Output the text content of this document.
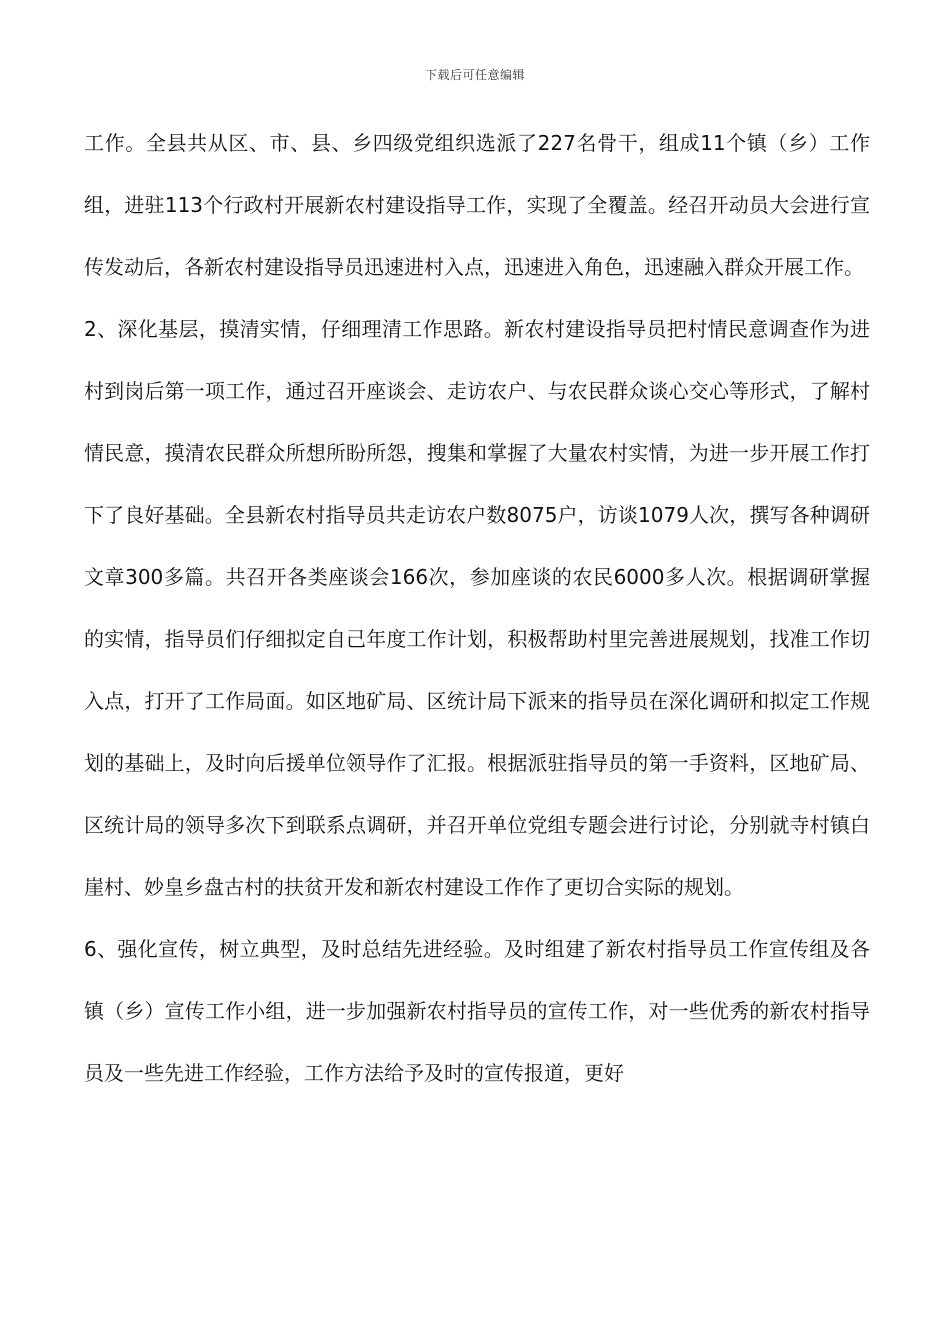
下载后可任意编辑

工作。全县共从区、市、县、乡四级党组织选派了227名骨干，组成11个镇（乡）工作组，进驻113个行政村开展新农村建设指导工作，实现了全覆盖。经召开动员大会进行宣传发动后，各新农村建设指导员迅速进村入点，迅速进入角色，迅速融入群众开展工作。

2、深化基层，摸清实情，仔细理清工作思路。新农村建设指导员把村情民意调查作为进村到岗后第一项工作，通过召开座谈会、走访农户、与农民群众谈心交心等形式，了解村情民意，摸清农民群众所想所盼所怨，搜集和掌握了大量农村实情，为进一步开展工作打下了良好基础。全县新农村指导员共走访农户数8075户，访谈1079人次，撰写各种调研文章300多篇。共召开各类座谈会166次，参加座谈的农民6000多人次。根据调研掌握的实情，指导员们仔细拟定自己年度工作计划，积极帮助村里完善进展规划，找准工作切入点，打开了工作局面。如区地矿局、区统计局下派来的指导员在深化调研和拟定工作规划的基础上，及时向后援单位领导作了汇报。根据派驻指导员的第一手资料，区地矿局、区统计局的领导多次下到联系点调研，并召开单位党组专题会进行讨论，分别就寺村镇白崖村、妙皇乡盘古村的扶贫开发和新农村建设工作作了更切合实际的规划。

6、强化宣传，树立典型，及时总结先进经验。及时组建了新农村指导员工作宣传组及各镇（乡）宣传工作小组，进一步加强新农村指导员的宣传工作，对一些优秀的新农村指导员及一些先进工作经验，工作方法给予及时的宣传报道，更好
